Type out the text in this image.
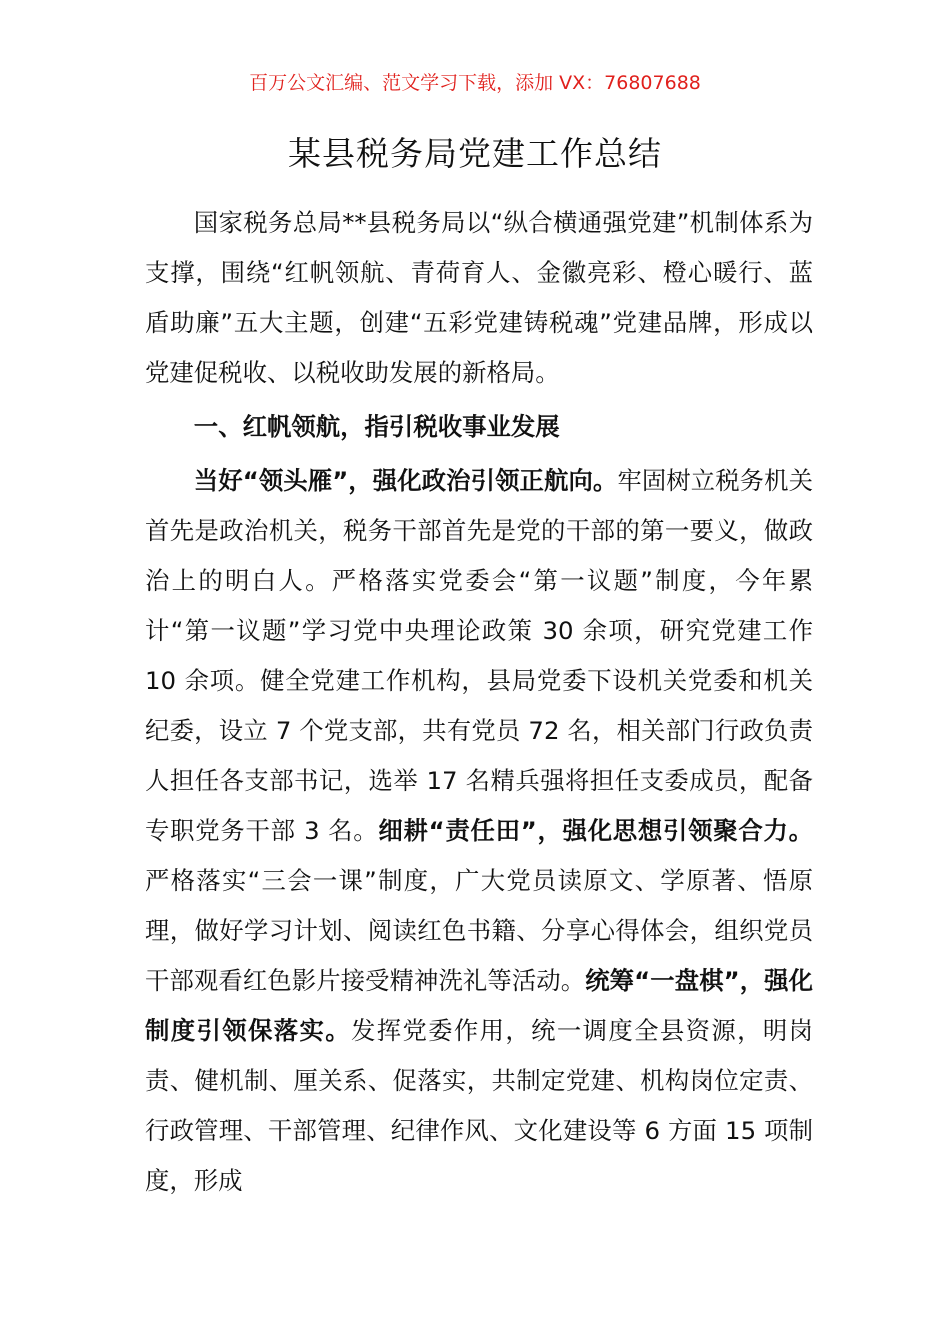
百万公文汇编、范文学习下载，添加 VX：76807688
某县税务局党建工作总结

国家税务总局**县税务局以“纵合横通强党建”机制体系为支撑，围绕“红帆领航、青荷育人、金徽亮彩、橙心暖行、蓝盾助廉”五大主题，创建“五彩党建铸税魂”党建品牌，形成以党建促税收、以税收助发展的新格局。

一、红帆领航，指引税收事业发展

当好“领头雁”，强化政治引领正航向。牢固树立税务机关首先是政治机关，税务干部首先是党的干部的第一要义，做政治上的明白人。严格落实党委会“第一议题”制度，今年累计“第一议题”学习党中央理论政策 30 余项，研究党建工作 10 余项。健全党建工作机构，县局党委下设机关党委和机关纪委，设立 7 个党支部，共有党员 72 名，相关部门行政负责人担任各支部书记，选举 17 名精兵强将担任支委成员，配备专职党务干部 3 名。细耕“责任田”，强化思想引领聚合力。严格落实“三会一课”制度，广大党员读原文、学原著、悟原理，做好学习计划、阅读红色书籍、分享心得体会，组织党员干部观看红色影片接受精神洗礼等活动。统筹“一盘棋”，强化制度引领保落实。发挥党委作用，统一调度全县资源，明岗责、健机制、厘关系、促落实，共制定党建、机构岗位定责、行政管理、干部管理、纪律作风、文化建设等 6 方面 15 项制度，形成
